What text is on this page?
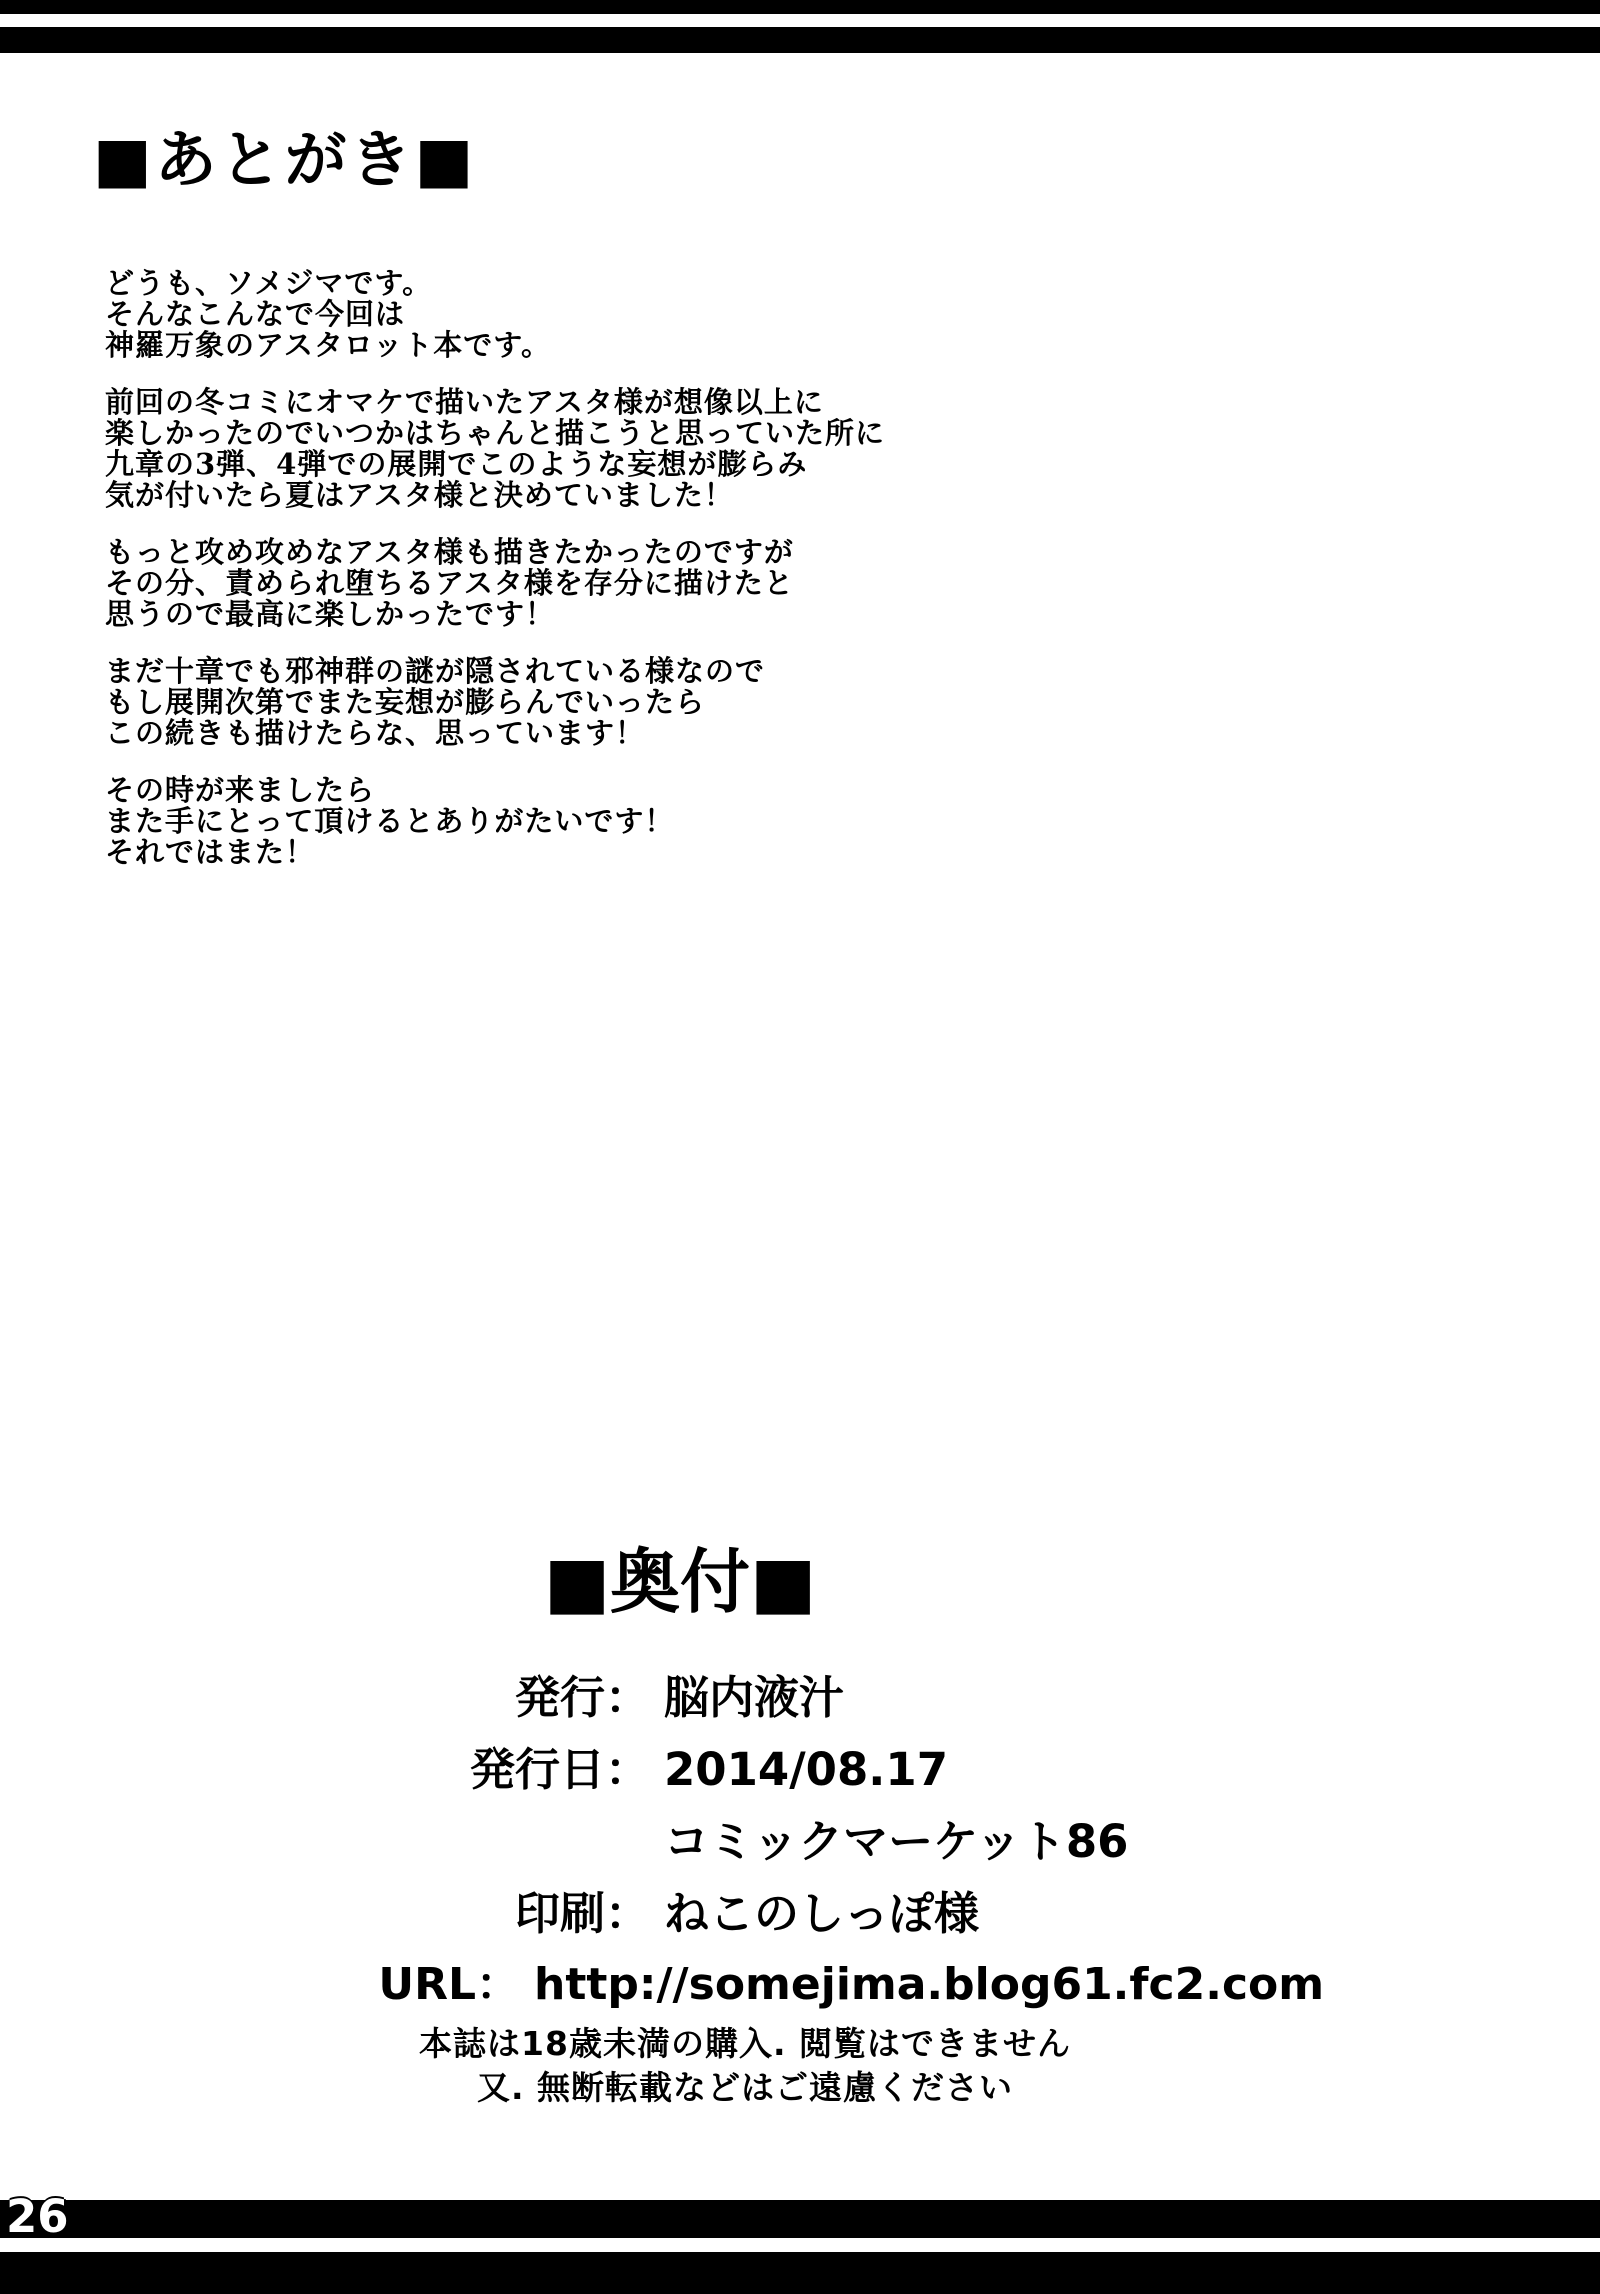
■あとがき■
どうも、ソメジマです。
そんなこんなで今回は
神羅万象のアスタロット本です。
前回の冬コミにオマケで描いたアスタ様が想像以上に
楽しかったのでいつかはちゃんと描こうと思っていた所に
九章の3弾、4弾での展開でこのような妄想が膨らみ
気が付いたら夏はアスタ様と決めていました！
もっと攻め攻めなアスタ様も描きたかったのですが
その分、責められ堕ちるアスタ様を存分に描けたと
思うので最高に楽しかったです！
まだ十章でも邪神群の謎が隠されている様なので
もし展開次第でまた妄想が膨らんでいったら
この続きも描けたらな、思っています！
その時が来ましたら
また手にとって頂けるとありがたいです！
それではまた！
■奥付■
発行： 脳内液汁
発行日： 2014/08.17
コミックマーケット86
印刷： ねこのしっぽ様
URL： http://somejima.blog61.fc2.com
本誌は18歳未満の購入. 閲覧はできません
又. 無断転載などはご遠慮ください
26
